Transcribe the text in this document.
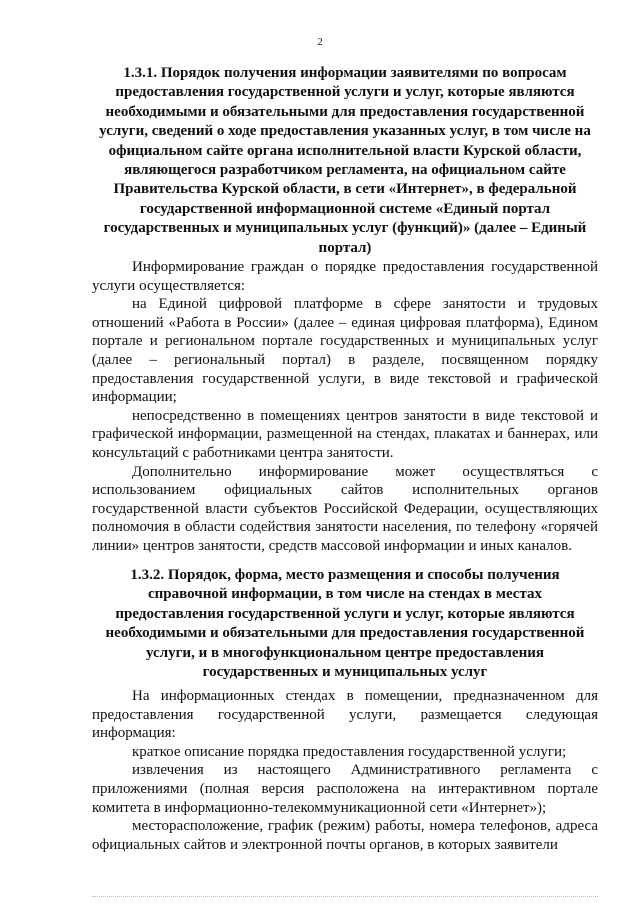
2
1.3.1. Порядок получения информации заявителями по вопросам предоставления государственной услуги и услуг, которые являются необходимыми и обязательными для предоставления государственной услуги, сведений о ходе предоставления указанных услуг, в том числе на официальном сайте органа исполнительной власти Курской области, являющегося разработчиком регламента, на официальном сайте Правительства Курской области, в сети «Интернет», в федеральной государственной информационной системе «Единый портал государственных и муниципальных услуг (функций)» (далее – Единый портал)

Информирование граждан о порядке предоставления государственной услуги осуществляется:

на Единой цифровой платформе в сфере занятости и трудовых отношений «Работа в России» (далее – единая цифровая платформа), Едином портале и региональном портале государственных и муниципальных услуг (далее – региональный портал) в разделе, посвященном порядку предоставления государственной услуги, в виде текстовой и графической информации;

непосредственно в помещениях центров занятости в виде текстовой и графической информации, размещенной на стендах, плакатах и баннерах, или консультаций с работниками центра занятости.

Дополнительно информирование может осуществляться с использованием официальных сайтов исполнительных органов государственной власти субъектов Российской Федерации, осуществляющих полномочия в области содействия занятости населения, по телефону «горячей линии» центров занятости, средств массовой информации и иных каналов.

1.3.2. Порядок, форма, место размещения и способы получения справочной информации, в том числе на стендах в местах предоставления государственной услуги и услуг, которые являются необходимыми и обязательными для предоставления государственной услуги, и в многофункциональном центре предоставления государственных и муниципальных услуг

На информационных стендах в помещении, предназначенном для предоставления государственной услуги, размещается следующая информация:

краткое описание порядка предоставления государственной услуги;

извлечения из настоящего Административного регламента с приложениями (полная версия расположена на интерактивном портале комитета в информационно-телекоммуникационной сети «Интернет»);

месторасположение, график (режим) работы, номера телефонов, адреса официальных сайтов и электронной почты органов, в которых заявители
